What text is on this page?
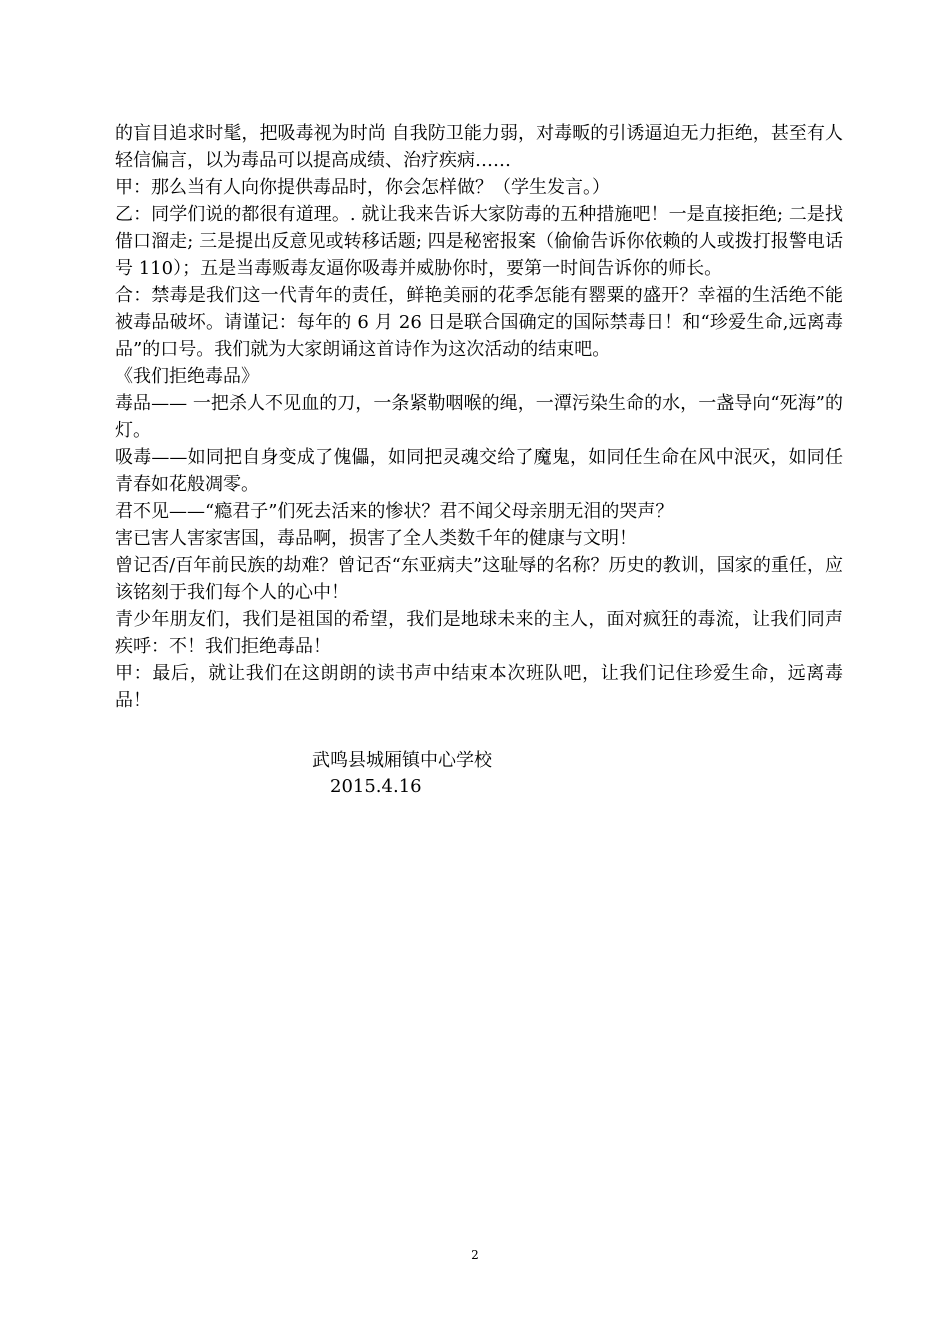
的盲目追求时髦，把吸毒视为时尚 自我防卫能力弱，对毒畈的引诱逼迫无力拒绝，甚至有人轻信偏言，以为毒品可以提高成绩、治疗疾病……

甲：那么当有人向你提供毒品时，你会怎样做？（学生发言。）

乙：同学们说的都很有道理。. 就让我来告诉大家防毒的五种措施吧！一是直接拒绝; 二是找借口溜走; 三是提出反意见或转移话题; 四是秘密报案（偷偷告诉你依赖的人或拨打报警电话号 110）；五是当毒贩毒友逼你吸毒并威胁你时，要第一时间告诉你的师长。

合：禁毒是我们这一代青年的责任，鲜艳美丽的花季怎能有罂粟的盛开？幸福的生活绝不能被毒品破坏。请谨记：每年的 6 月 26 日是联合国确定的国际禁毒日！和“珍爱生命,远离毒品”的口号。我们就为大家朗诵这首诗作为这次活动的结束吧。

《我们拒绝毒品》

毒品—— 一把杀人不见血的刀，一条紧勒咽喉的绳，一潭污染生命的水，一盏导向“死海”的灯。

吸毒——如同把自身变成了傀儡，如同把灵魂交给了魔鬼，如同任生命在风中泯灭，如同任青春如花般凋零。

君不见——“瘾君子”们死去活来的惨状？君不闻父母亲朋无泪的哭声？

害已害人害家害国，毒品啊，损害了全人类数千年的健康与文明！

曾记否/百年前民族的劫难？曾记否“东亚病夫”这耻辱的名称？历史的教训，国家的重任，应该铭刻于我们每个人的心中！

青少年朋友们，我们是祖国的希望，我们是地球未来的主人，面对疯狂的毒流，让我们同声疾呼：不！我们拒绝毒品！

甲：最后，就让我们在这朗朗的读书声中结束本次班队吧，让我们记住珍爱生命，远离毒品！

武鸣县城厢镇中心学校

2015.4.16

2
